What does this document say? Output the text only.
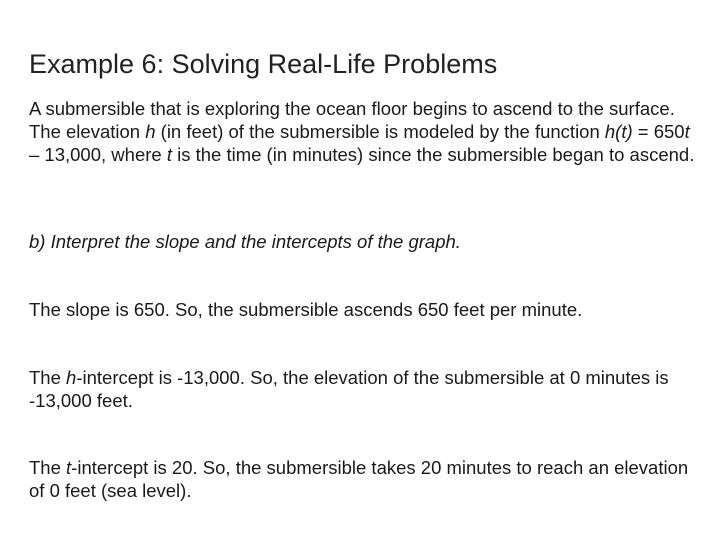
Example 6: Solving Real-Life Problems

A submersible that is exploring the ocean floor begins to ascend to the surface. The elevation h (in feet) of the submersible is modeled by the function h(t) = 650t – 13,000, where t is the time (in minutes) since the submersible began to ascend.

b) Interpret the slope and the intercepts of the graph.

The slope is 650. So, the submersible ascends 650 feet per minute.

The h-intercept is -13,000. So, the elevation of the submersible at 0 minutes is -13,000 feet.

The t-intercept is 20. So, the submersible takes 20 minutes to reach an elevation of 0 feet (sea level).
